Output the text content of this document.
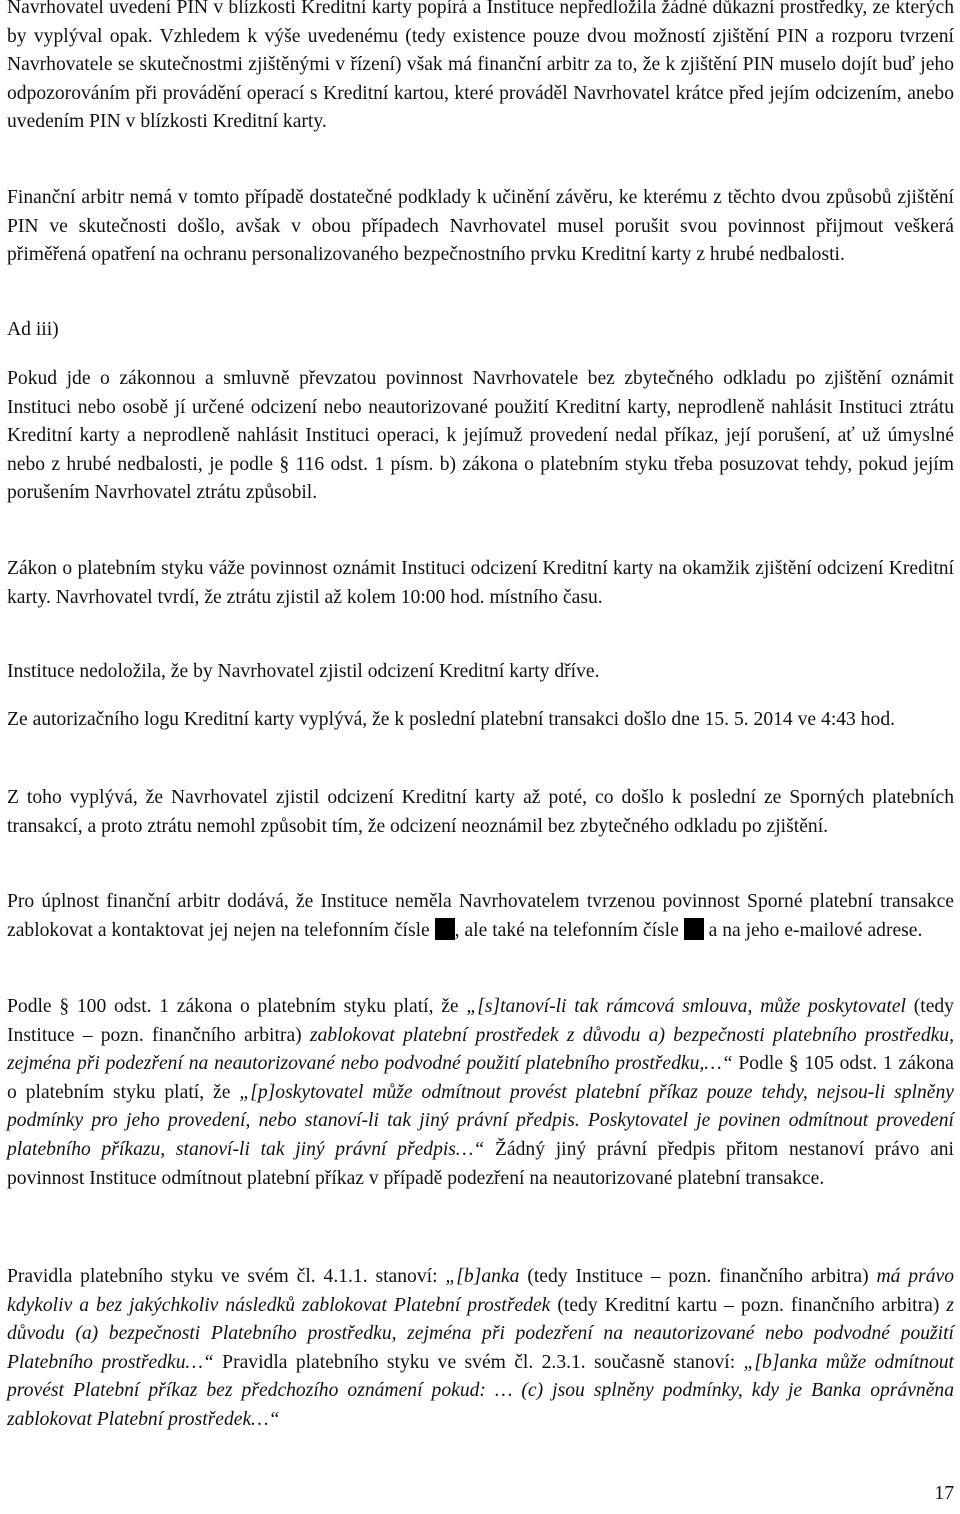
Navrhovatel uvedení PIN v blízkosti Kreditní karty popírá a Instituce nepředložila žádné důkazní prostředky, ze kterých by vyplýval opak. Vzhledem k výše uvedenému (tedy existence pouze dvou možností zjištění PIN a rozporu tvrzení Navrhovatele se skutečnostmi zjištěnými v řízení) však má finanční arbitr za to, že k zjištění PIN muselo dojít buď jeho odpozorováním při provádění operací s Kreditní kartou, které prováděl Navrhovatel krátce před jejím odcizením, anebo uvedením PIN v blízkosti Kreditní karty.

Finanční arbitr nemá v tomto případě dostatečné podklady k učinění závěru, ke kterému z těchto dvou způsobů zjištění PIN ve skutečnosti došlo, avšak v obou případech Navrhovatel musel porušit svou povinnost přijmout veškerá přiměřená opatření na ochranu personalizovaného bezpečnostního prvku Kreditní karty z hrubé nedbalosti.

Ad iii)

Pokud jde o zákonnou a smluvně převzatou povinnost Navrhovatele bez zbytečného odkladu po zjištění oznámit Instituci nebo osobě jí určené odcizení nebo neautorizované použití Kreditní karty, neprodleně nahlásit Instituci ztrátu Kreditní karty a neprodleně nahlásit Instituci operaci, k jejímuž provedení nedal příkaz, její porušení, ať už úmyslné nebo z hrubé nedbalosti, je podle § 116 odst. 1 písm. b) zákona o platebním styku třeba posuzovat tehdy, pokud jejím porušením Navrhovatel ztrátu způsobil.

Zákon o platebním styku váže povinnost oznámit Instituci odcizení Kreditní karty na okamžik zjištění odcizení Kreditní karty. Navrhovatel tvrdí, že ztrátu zjistil až kolem 10:00 hod. místního času.

Instituce nedoložila, že by Navrhovatel zjistil odcizení Kreditní karty dříve.

Ze autorizačního logu Kreditní karty vyplývá, že k poslední platební transakci došlo dne 15. 5. 2014 ve 4:43 hod.

Z toho vyplývá, že Navrhovatel zjistil odcizení Kreditní karty až poté, co došlo k poslední ze Sporných platebních transakcí, a proto ztrátu nemohl způsobit tím, že odcizení neoznámil bez zbytečného odkladu po zjištění.

Pro úplnost finanční arbitr dodává, že Instituce neměla Navrhovatelem tvrzenou povinnost Sporné platební transakce zablokovat a kontaktovat jej nejen na telefonním čísle , ale také na telefonním čísle  a na jeho e-mailové adrese.

Podle § 100 odst. 1 zákona o platebním styku platí, že „[s]tanoví-li tak rámcová smlouva, může poskytovatel (tedy Instituce – pozn. finančního arbitra) zablokovat platební prostředek z důvodu a) bezpečnosti platebního prostředku, zejména při podezření na neautorizované nebo podvodné použití platebního prostředku,…“ Podle § 105 odst. 1 zákona o platebním styku platí, že „[p]oskytovatel může odmítnout provést platební příkaz pouze tehdy, nejsou-li splněny podmínky pro jeho provedení, nebo stanoví-li tak jiný právní předpis. Poskytovatel je povinen odmítnout provedení platebního příkazu, stanoví-li tak jiný právní předpis…“ Žádný jiný právní předpis přitom nestanoví právo ani povinnost Instituce odmítnout platební příkaz v případě podezření na neautorizované platební transakce.

Pravidla platebního styku ve svém čl. 4.1.1. stanoví: „[b]anka (tedy Instituce – pozn. finančního arbitra) má právo kdykoliv a bez jakýchkoliv následků zablokovat Platební prostředek (tedy Kreditní kartu – pozn. finančního arbitra) z důvodu (a) bezpečnosti Platebního prostředku, zejména při podezření na neautorizované nebo podvodné použití Platebního prostředku…“ Pravidla platebního styku ve svém čl. 2.3.1. současně stanoví: „[b]anka může odmítnout provést Platební příkaz bez předchozího oznámení pokud: … (c) jsou splněny podmínky, kdy je Banka oprávněna zablokovat Platební prostředek…“

17
